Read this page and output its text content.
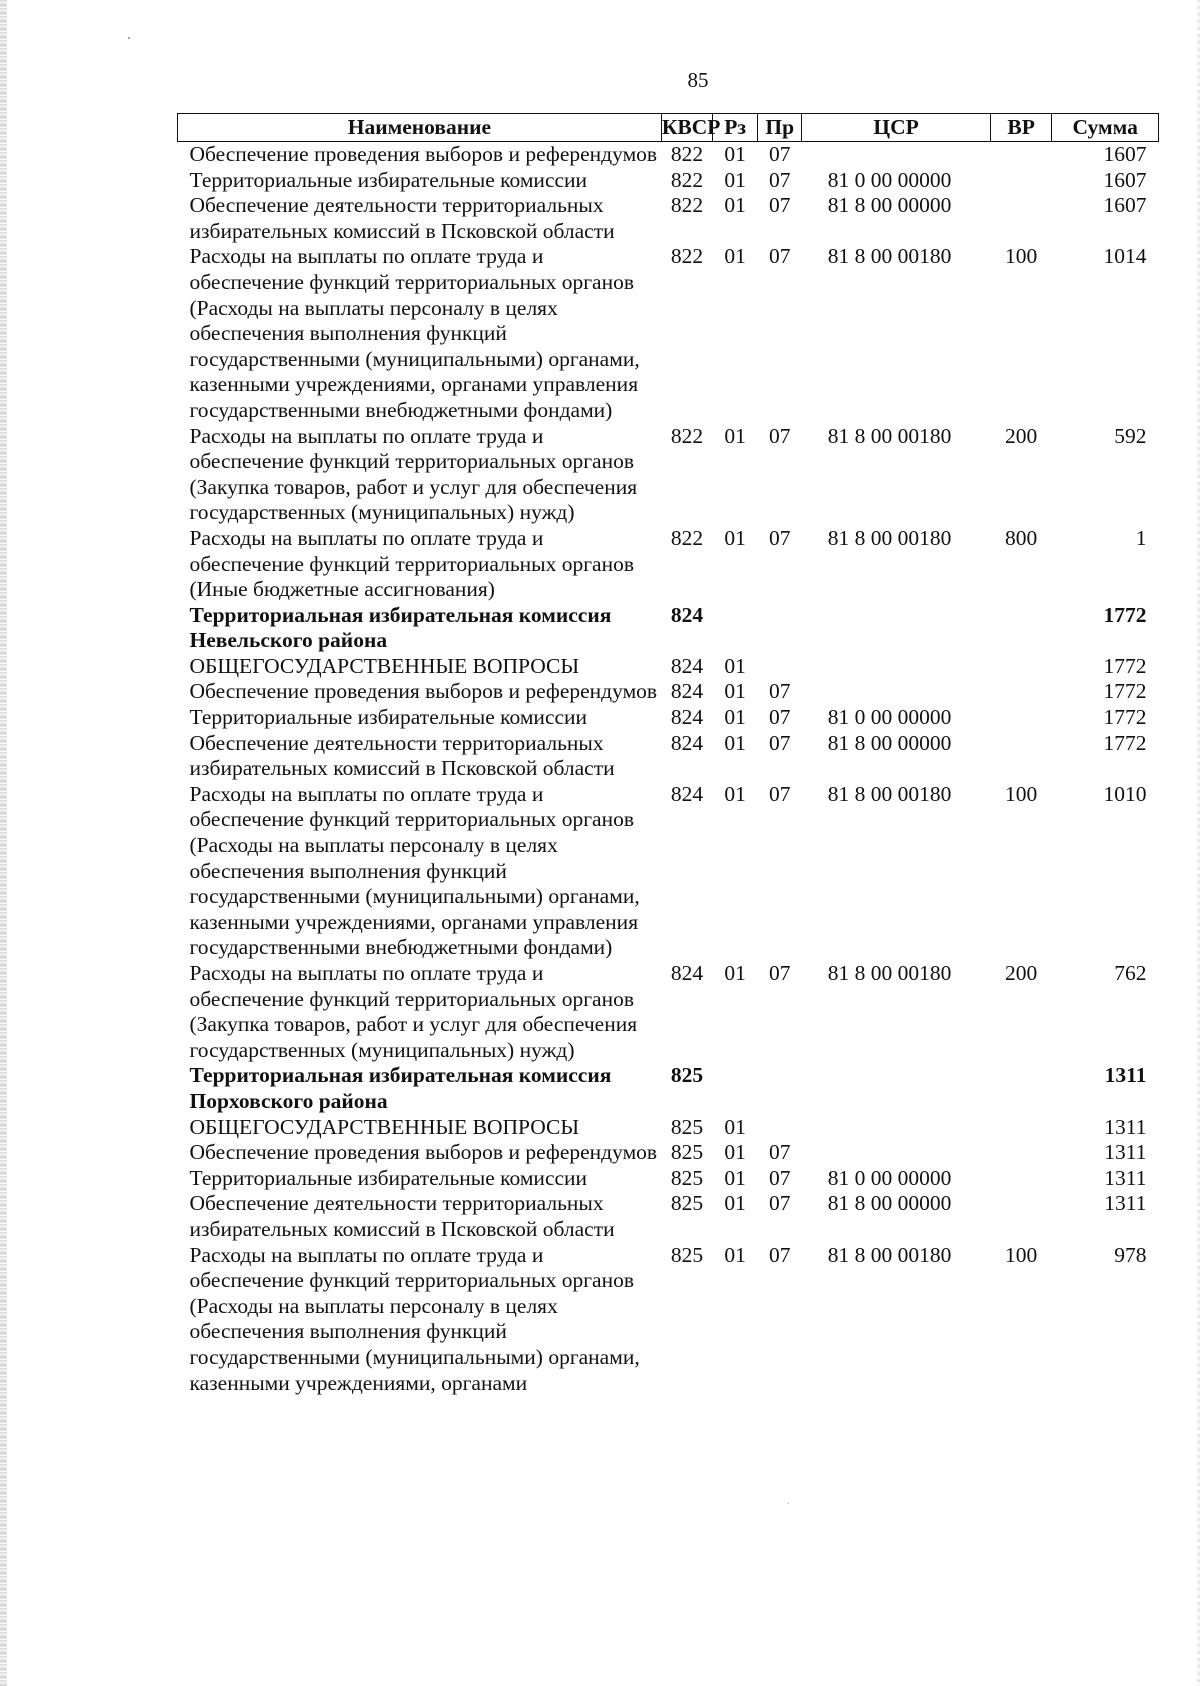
85
Наименование	КВСР	Рз	Пр	ЦСР	ВР	Сумма
Обеспечение проведения выборов и референдумов	822	01	07			1607
Территориальные избирательные комиссии	822	01	07	81 0 00 00000		1607
Обеспечение деятельности территориальных избирательных комиссий в Псковской области	822	01	07	81 8 00 00000		1607
Расходы на выплаты по оплате труда и обеспечение функций территориальных органов (Расходы на выплаты персоналу в целях обеспечения выполнения функций государственными (муниципальными) органами, казенными учреждениями, органами управления государственными внебюджетными фондами)	822	01	07	81 8 00 00180	100	1014
Расходы на выплаты по оплате труда и обеспечение функций территориальных органов (Закупка товаров, работ и услуг для обеспечения государственных (муниципальных) нужд)	822	01	07	81 8 00 00180	200	592
Расходы на выплаты по оплате труда и обеспечение функций территориальных органов (Иные бюджетные ассигнования)	822	01	07	81 8 00 00180	800	1
Территориальная избирательная комиссия Невельского района	824					1772
ОБЩЕГОСУДАРСТВЕННЫЕ ВОПРОСЫ	824	01				1772
Обеспечение проведения выборов и референдумов	824	01	07			1772
Территориальные избирательные комиссии	824	01	07	81 0 00 00000		1772
Обеспечение деятельности территориальных избирательных комиссий в Псковской области	824	01	07	81 8 00 00000		1772
Расходы на выплаты по оплате труда и обеспечение функций территориальных органов (Расходы на выплаты персоналу в целях обеспечения выполнения функций государственными (муниципальными) органами, казенными учреждениями, органами управления государственными внебюджетными фондами)	824	01	07	81 8 00 00180	100	1010
Расходы на выплаты по оплате труда и обеспечение функций территориальных органов (Закупка товаров, работ и услуг для обеспечения государственных (муниципальных) нужд)	824	01	07	81 8 00 00180	200	762
Территориальная избирательная комиссия Порховского района	825					1311
ОБЩЕГОСУДАРСТВЕННЫЕ ВОПРОСЫ	825	01				1311
Обеспечение проведения выборов и референдумов	825	01	07			1311
Территориальные избирательные комиссии	825	01	07	81 0 00 00000		1311
Обеспечение деятельности территориальных избирательных комиссий в Псковской области	825	01	07	81 8 00 00000		1311
Расходы на выплаты по оплате труда и обеспечение функций территориальных органов (Расходы на выплаты персоналу в целях обеспечения выполнения функций государственными (муниципальными) органами, казенными учреждениями, органами	825	01	07	81 8 00 00180	100	978
